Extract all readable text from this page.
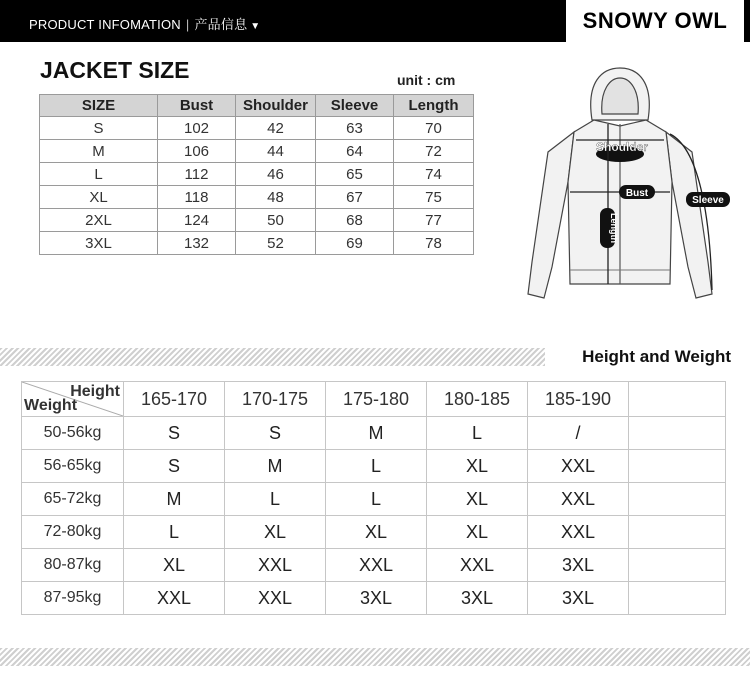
PRODUCT INFOMATION | 产品信息 ▼	SNOWY OWL
JACKET SIZE	unit : cm
SIZE	Bust	Shoulder	Sleeve	Length
S	102	42	63	70
M	106	44	64	72
L	112	46	65	74
XL	118	48	67	75
2XL	124	50	68	77
3XL	132	52	69	78
Shoulder
Bust
Sleeve
Length
Height and Weight
Height
Weight	165-170	170-175	175-180	180-185	185-190	
50-56kg	S	S	M	L	/	
56-65kg	S	M	L	XL	XXL	
65-72kg	M	L	L	XL	XXL	
72-80kg	L	XL	XL	XL	XXL	
80-87kg	XL	XXL	XXL	XXL	3XL	
87-95kg	XXL	XXL	3XL	3XL	3XL	
